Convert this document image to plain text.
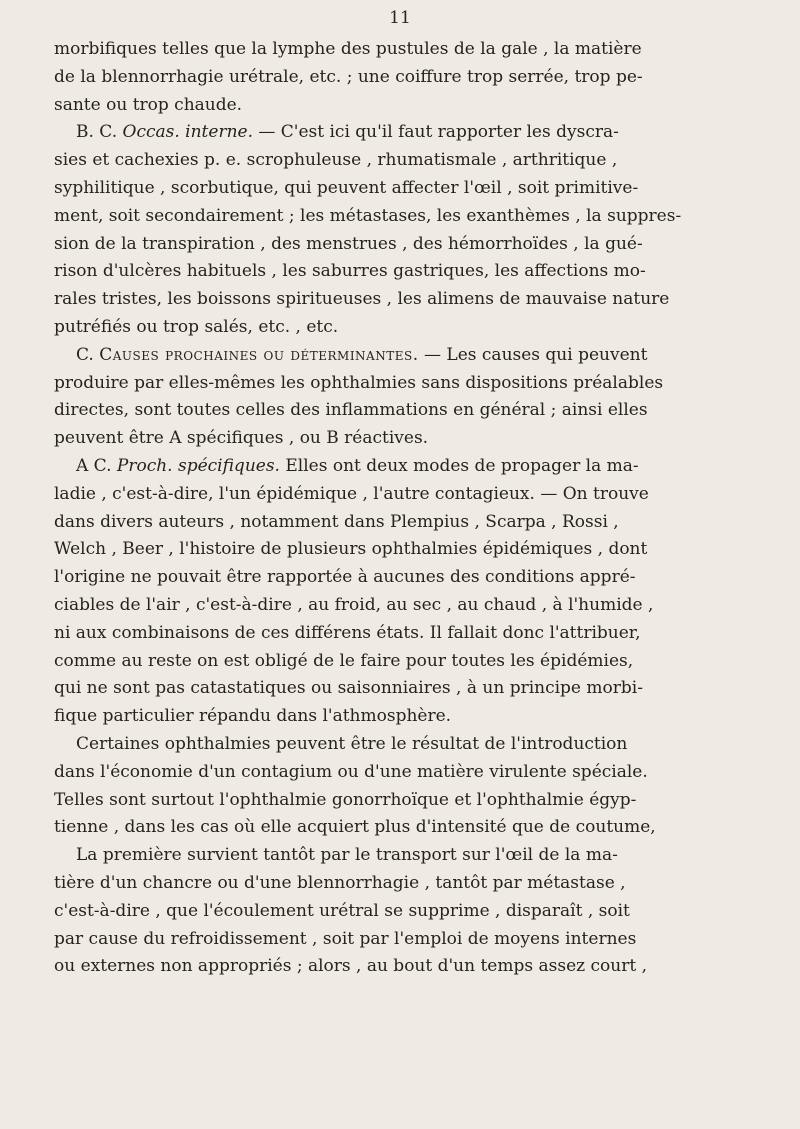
11
morbifiques telles que la lymphe des pustules de la gale , la matière
de la blennorrhagie urétrale, etc. ; une coiffure trop serrée, trop pe-
sante ou trop chaude.
B. C. Occas. interne. — C'est ici qu'il faut rapporter les dyscra-
sies et cachexies p. e. scrophuleuse , rhumatismale , arthritique ,
syphilitique , scorbutique, qui peuvent affecter l'œil , soit primitive-
ment, soit secondairement ; les métastases, les exanthèmes , la suppres-
sion de la transpiration , des menstrues , des hémorrhoïdes , la gué-
rison d'ulcères habituels , les saburres gastriques, les affections mo-
rales tristes, les boissons spiritueuses , les alimens de mauvaise nature
putréfiés ou trop salés, etc. , etc.
C. Causes prochaines ou déterminantes. — Les causes qui peuvent
produire par elles-mêmes les ophthalmies sans dispositions préalables
directes, sont toutes celles des inflammations en général ; ainsi elles
peuvent être A spécifiques , ou B réactives.
A C. Proch. spécifiques. Elles ont deux modes de propager la ma-
ladie , c'est-à-dire, l'un épidémique , l'autre contagieux. — On trouve
dans divers auteurs , notamment dans Plempius , Scarpa , Rossi ,
Welch , Beer , l'histoire de plusieurs ophthalmies épidémiques , dont
l'origine ne pouvait être rapportée à aucunes des conditions appré-
ciables de l'air , c'est-à-dire , au froid, au sec , au chaud , à l'humide ,
ni aux combinaisons de ces différens états. Il fallait donc l'attribuer,
comme au reste on est obligé de le faire pour toutes les épidémies,
qui ne sont pas catastatiques ou saisonniaires , à un principe morbi-
fique particulier répandu dans l'athmosphère.
Certaines ophthalmies peuvent être le résultat de l'introduction
dans l'économie d'un contagium ou d'une matière virulente spéciale.
Telles sont surtout l'ophthalmie gonorrhoïque et l'ophthalmie égyp-
tienne , dans les cas où elle acquiert plus d'intensité que de coutume,
La première survient tantôt par le transport sur l'œil de la ma-
tière d'un chancre ou d'une blennorrhagie , tantôt par métastase ,
c'est-à-dire , que l'écoulement urétral se supprime , disparaît , soit
par cause du refroidissement , soit par l'emploi de moyens internes
ou externes non appropriés ; alors , au bout d'un temps assez court ,
